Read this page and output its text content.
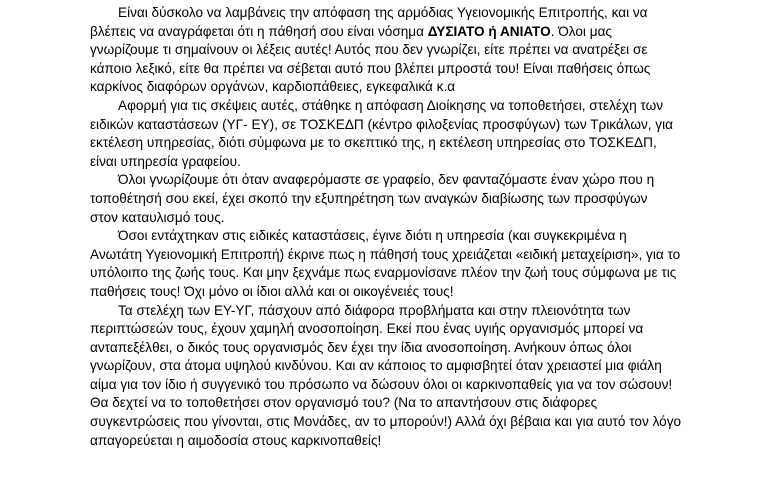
Είναι δύσκολο να λαμβάνεις την απόφαση της αρμόδιας Υγειονομικής Επιτροπής, και να
βλέπεις να αναγράφεται ότι η πάθησή σου είναι νόσημα ΔΥΣΙΑΤΟ ή ΑΝΙΑΤΟ. Όλοι μας
γνωρίζουμε τι σημαίνουν οι λέξεις αυτές! Αυτός που δεν γνωρίζει, είτε πρέπει να ανατρέξει σε
κάποιο λεξικό, είτε θα πρέπει να σέβεται αυτό που βλέπει μπροστά του! Είναι παθήσεις όπως
καρκίνος διαφόρων οργάνων, καρδιοπάθειες, εγκεφαλικά κ.α

Αφορμή για τις σκέψεις αυτές, στάθηκε η απόφαση Διοίκησης να τοποθετήσει, στελέχη των
ειδικών καταστάσεων (ΥΓ- ΕΥ), σε ΤΟΣΚΕΔΠ (κέντρο φιλοξενίας προσφύγων) των Τρικάλων, για
εκτέλεση υπηρεσίας, διότι σύμφωνα με το σκεπτικό της, η εκτέλεση υπηρεσίας στο ΤΟΣΚΕΔΠ,
είναι υπηρεσία γραφείου.

Όλοι γνωρίζουμε ότι όταν αναφερόμαστε σε γραφείο, δεν φανταζόμαστε έναν χώρο που η
τοποθέτησή σου εκεί, έχει σκοπό την εξυπηρέτηση των αναγκών διαβίωσης των προσφύγων
στον καταυλισμό τους.

Όσοι εντάχτηκαν στις ειδικές καταστάσεις, έγινε διότι η υπηρεσία (και συγκεκριμένα η
Ανωτάτη Υγειονομική Επιτροπή) έκρινε πως η πάθησή τους χρειάζεται «ειδική μεταχείριση», για το
υπόλοιπο της ζωής τους. Και μην ξεχνάμε πως εναρμονίσανε πλέον την ζωή τους σύμφωνα με τις
παθήσεις τους! Όχι μόνο οι ίδιοι αλλά και οι οικογένειές τους!

Τα στελέχη των ΕΥ-ΥΓ, πάσχουν από διάφορα προβλήματα και στην πλειονότητα των
περιπτώσεών τους, έχουν χαμηλή ανοσοποίηση. Εκεί που ένας υγιής οργανισμός μπορεί να
ανταπεξέλθει, ο δικός τους οργανισμός δεν έχει την ίδια ανοσοποίηση. Ανήκουν όπως όλοι
γνωρίζουν, στα άτομα υψηλού κινδύνου. Και αν κάποιος το αμφισβητεί όταν χρειαστεί μια φιάλη
αίμα για τον ίδιο ή συγγενικό του πρόσωπο να δώσουν όλοι οι καρκινοπαθείς για να τον σώσουν!
Θα δεχτεί να το τοποθετήσει στον οργανισμό του? (Να το απαντήσουν στις διάφορες
συγκεντρώσεις που γίνονται, στις Μονάδες, αν το μπορούν!) Αλλά όχι βέβαια και για αυτό τον λόγο
απαγορεύεται η αιμοδοσία στους καρκινοπαθείς!
